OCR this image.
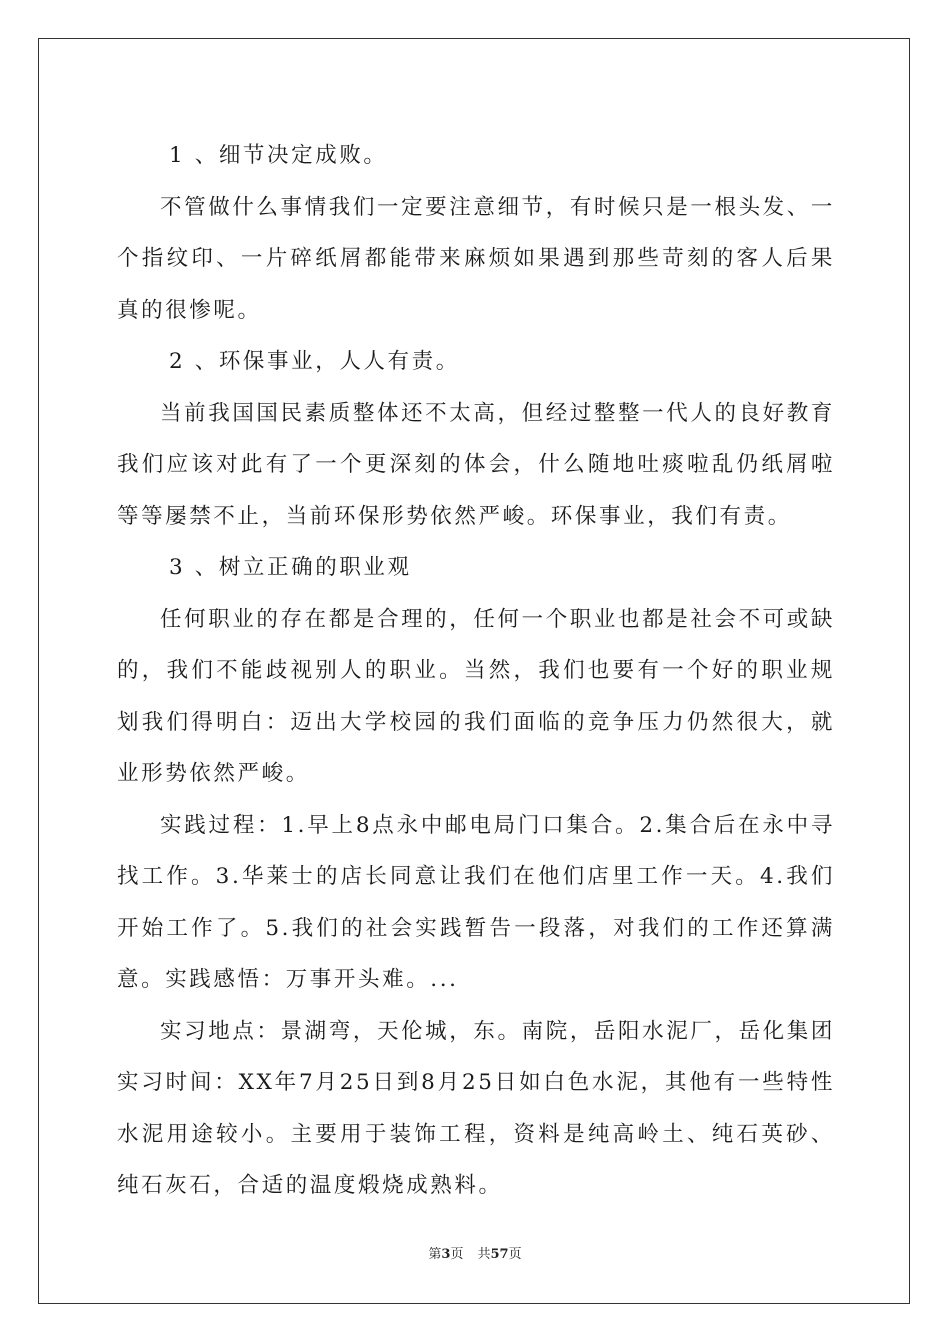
1 、细节决定成败。

不管做什么事情我们一定要注意细节，有时候只是一根头发、一个指纹印、一片碎纸屑都能带来麻烦如果遇到那些苛刻的客人后果真的很惨呢。

2 、环保事业，人人有责。

当前我国国民素质整体还不太高，但经过整整一代人的良好教育我们应该对此有了一个更深刻的体会，什么随地吐痰啦乱仍纸屑啦等等屡禁不止，当前环保形势依然严峻。环保事业，我们有责。

3 、树立正确的职业观

任何职业的存在都是合理的，任何一个职业也都是社会不可或缺的，我们不能歧视别人的职业。当然，我们也要有一个好的职业规划我们得明白：迈出大学校园的我们面临的竞争压力仍然很大，就业形势依然严峻。

实践过程：1.早上8点永中邮电局门口集合。2.集合后在永中寻找工作。3.华莱士的店长同意让我们在他们店里工作一天。4.我们开始工作了。5.我们的社会实践暂告一段落，对我们的工作还算满意。实践感悟：万事开头难。...

实习地点：景湖弯，天伦城，东。南院，岳阳水泥厂，岳化集团实习时间：XX年7月25日到8月25日如白色水泥，其他有一些特性水泥用途较小。主要用于装饰工程，资料是纯高岭土、纯石英砂、纯石灰石，合适的温度煅烧成熟料。

第3页 共57页
